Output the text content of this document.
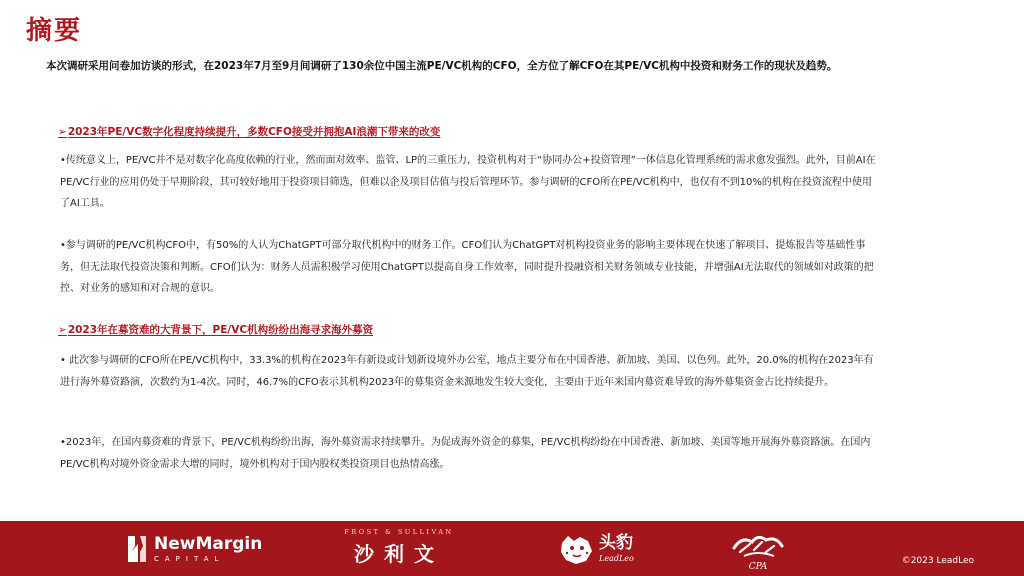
摘要
本次调研采用问卷加访谈的形式，在2023年7月至9月间调研了130余位中国主流PE/VC机构的CFO，全方位了解CFO在其PE/VC机构中投资和财务工作的现状及趋势。
➢2023年PE/VC数字化程度持续提升，多数CFO接受并拥抱AI浪潮下带来的改变
•传统意义上，PE/VC并不是对数字化高度依赖的行业，然而面对效率、监管、LP的三重压力，投资机构对于“协同办公+投资管理”一体信息化管理系统的需求愈发强烈。此外，目前AI在PE/VC行业的应用仍处于早期阶段，其可较好地用于投资项目筛选，但难以企及项目估值与投后管理环节。参与调研的CFO所在PE/VC机构中，也仅有不到10%的机构在投资流程中使用了AI工具。
•参与调研的PE/VC机构CFO中，有50%的人认为ChatGPT可部分取代机构中的财务工作。CFO们认为ChatGPT对机构投资业务的影响主要体现在快速了解项目、提炼报告等基础性事务，但无法取代投资决策和判断。CFO们认为：财务人员需积极学习使用ChatGPT以提高自身工作效率，同时提升投融资相关财务领域专业技能，并增强AI无法取代的领域如对政策的把控、对业务的感知和对合规的意识。
➢2023年在募资难的大背景下，PE/VC机构纷纷出海寻求海外募资
• 此次参与调研的CFO所在PE/VC机构中，33.3%的机构在2023年有新设或计划新设境外办公室，地点主要分布在中国香港、新加坡、美国、以色列。此外，20.0%的机构在2023年有进行海外募资路演，次数约为1-4次。同时，46.7%的CFO表示其机构2023年的募集资金来源地发生较大变化，主要由于近年来国内募资难导致的海外募集资金占比持续提升。
•2023年，在国内募资难的背景下，PE/VC机构纷纷出海，海外募资需求持续攀升。为促成海外资金的募集，PE/VC机构纷纷在中国香港、新加坡、美国等地开展海外募资路演。在国内PE/VC机构对境外资金需求大增的同时，境外机构对于国内股权类投资项目也热情高涨。
NewMargin
CAPITAL
FROST & SULLIVAN
沙利文	头豹
LeadLeo
CPA
©2023 LeadLeo
